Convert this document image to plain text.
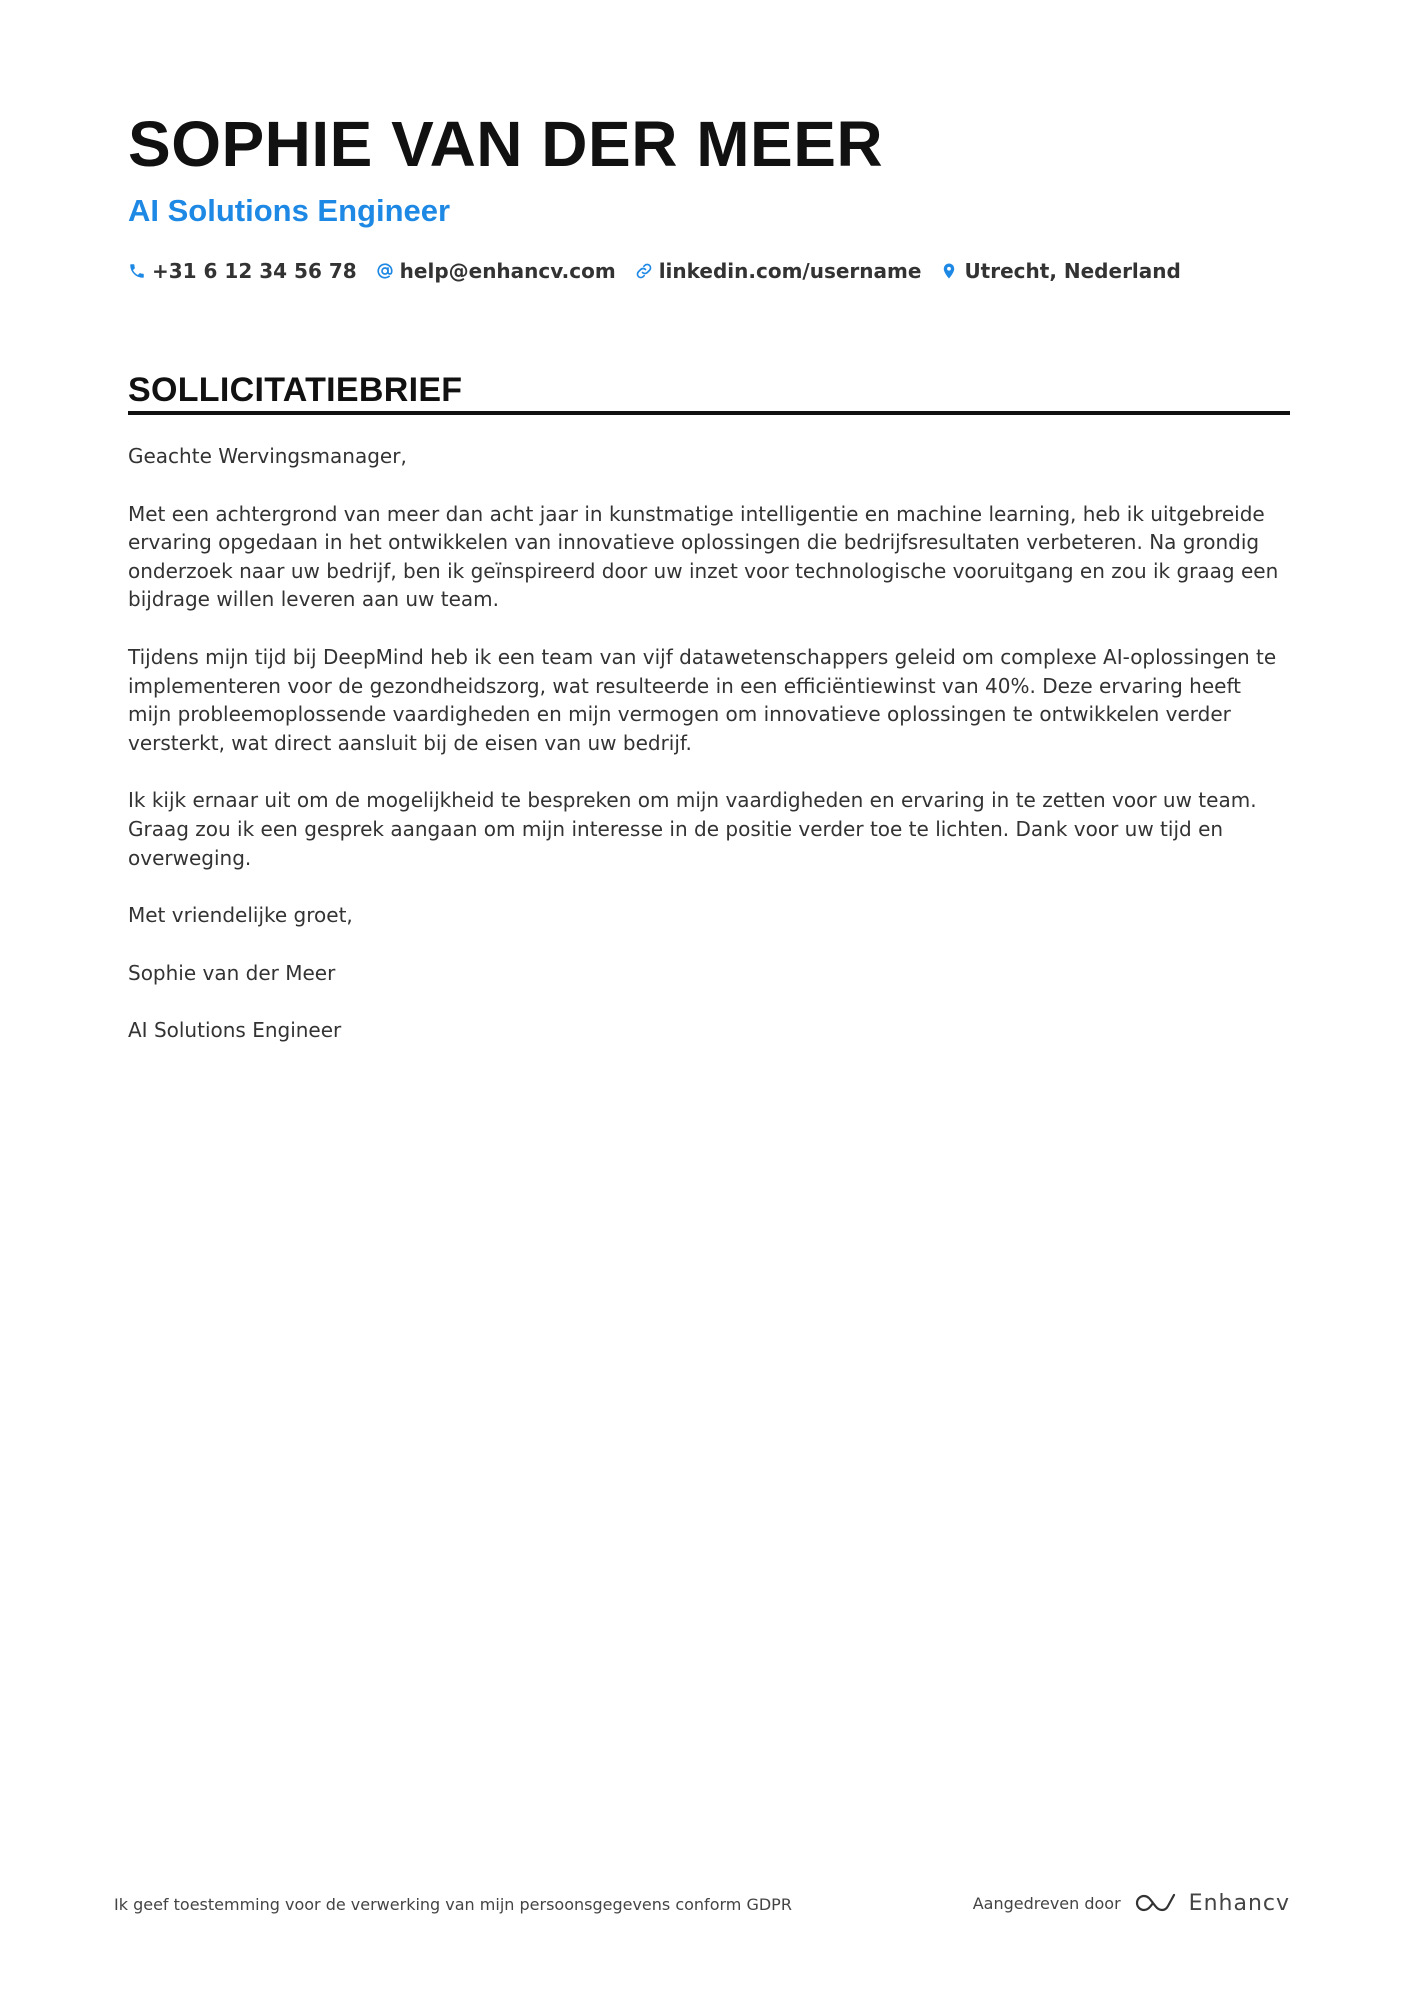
SOPHIE VAN DER MEER
AI Solutions Engineer
+31 6 12 34 56 78 help@enhancv.com linkedin.com/username Utrecht, Nederland
SOLLICITATIEBRIEF

Geachte Wervingsmanager,

Met een achtergrond van meer dan acht jaar in kunstmatige intelligentie en machine learning, heb ik uitgebreide ervaring opgedaan in het ontwikkelen van innovatieve oplossingen die bedrijfsresultaten verbeteren. Na grondig onderzoek naar uw bedrijf, ben ik geïnspireerd door uw inzet voor technologische vooruitgang en zou ik graag een bijdrage willen leveren aan uw team.

Tijdens mijn tijd bij DeepMind heb ik een team van vijf datawetenschappers geleid om complexe AI-oplossingen te implementeren voor de gezondheidszorg, wat resulteerde in een efficiëntiewinst van 40%. Deze ervaring heeft mijn probleemoplossende vaardigheden en mijn vermogen om innovatieve oplossingen te ontwikkelen verder versterkt, wat direct aansluit bij de eisen van uw bedrijf.

Ik kijk ernaar uit om de mogelijkheid te bespreken om mijn vaardigheden en ervaring in te zetten voor uw team. Graag zou ik een gesprek aangaan om mijn interesse in de positie verder toe te lichten. Dank voor uw tijd en overweging.

Met vriendelijke groet,

Sophie van der Meer

AI Solutions Engineer

Ik geef toestemming voor de verwerking van mijn persoonsgegevens conform GDPR	Aangedreven door	Enhancv
